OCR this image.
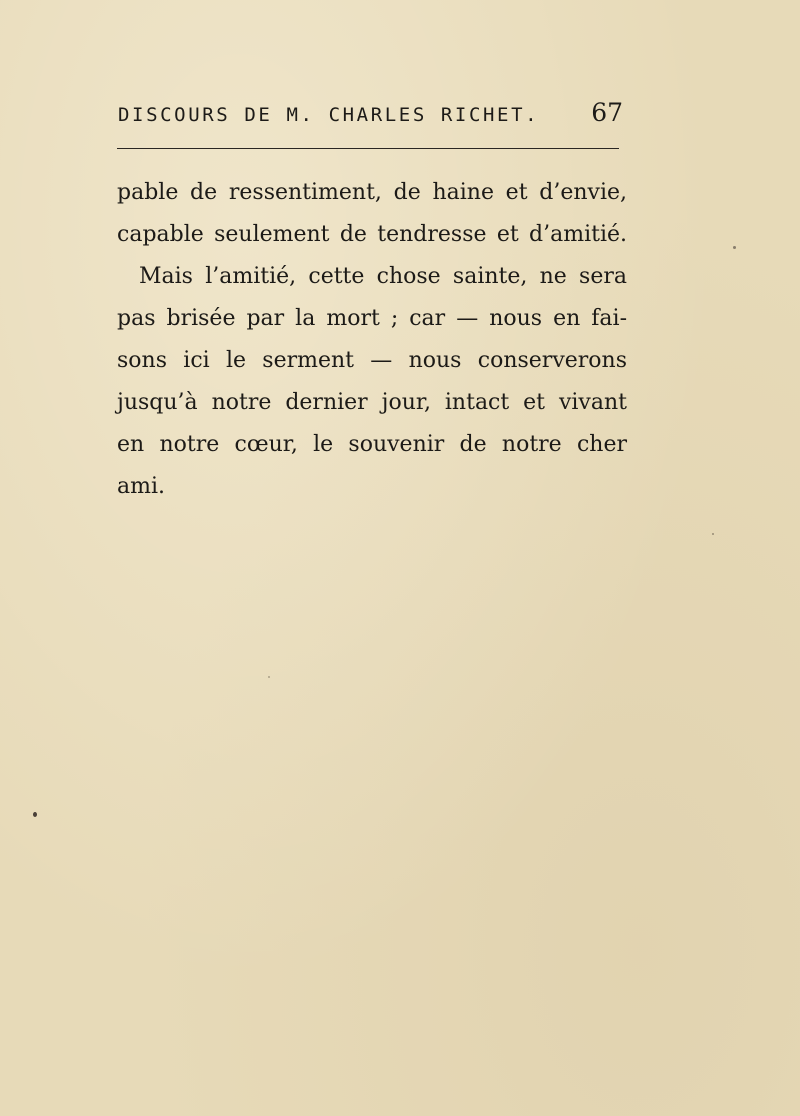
DISCOURS DE M. CHARLES RICHET. 67
pable de ressentiment, de haine et d’envie,
capable seulement de tendresse et d’amitié.
Mais l’amitié, cette chose sainte, ne sera
pas brisée par la mort ; car — nous en fai-
sons ici le serment — nous conserverons
jusqu’à notre dernier jour, intact et vivant
en notre cœur, le souvenir de notre cher
ami.
